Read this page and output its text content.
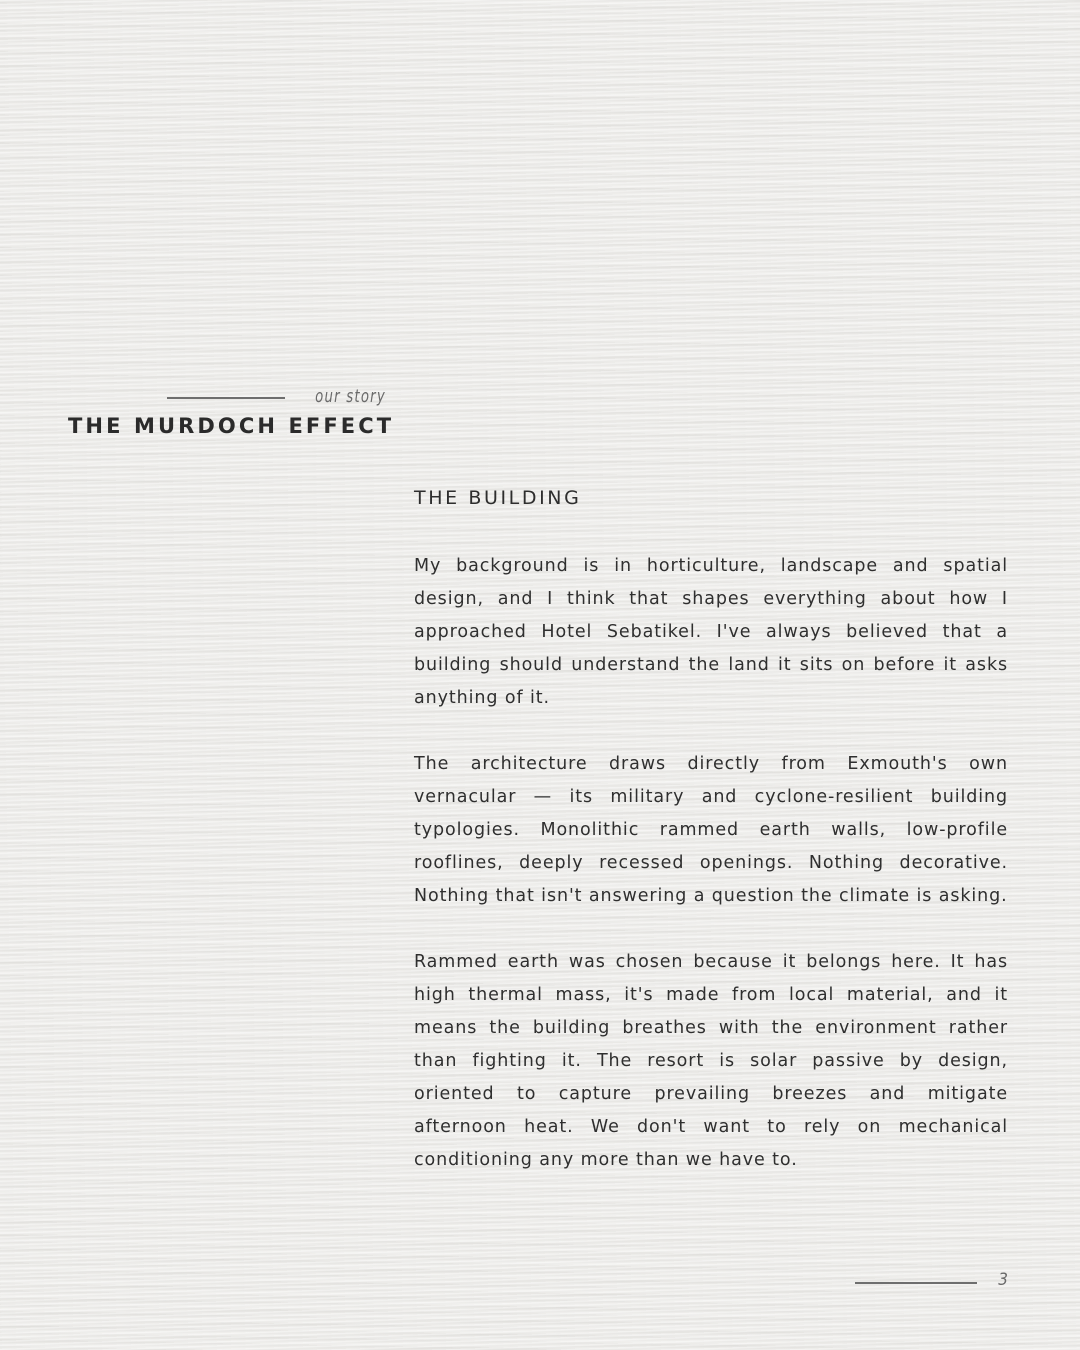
our story
THE MURDOCH EFFECT
THE BUILDING

My background is in horticulture, landscape and spatial design, and I think that shapes everything about how I approached Hotel Sebatikel. I've always believed that a building should understand the land it sits on before it asks anything of it.

The architecture draws directly from Exmouth's own vernacular — its military and cyclone-resilient building typologies. Monolithic rammed earth walls, low-profile rooflines, deeply recessed openings. Nothing decorative. Nothing that isn't answering a question the climate is asking.

Rammed earth was chosen because it belongs here. It has high thermal mass, it's made from local material, and it means the building breathes with the environment rather than fighting it. The resort is solar passive by design, oriented to capture prevailing breezes and mitigate afternoon heat. We don't want to rely on mechanical conditioning any more than we have to.

3
